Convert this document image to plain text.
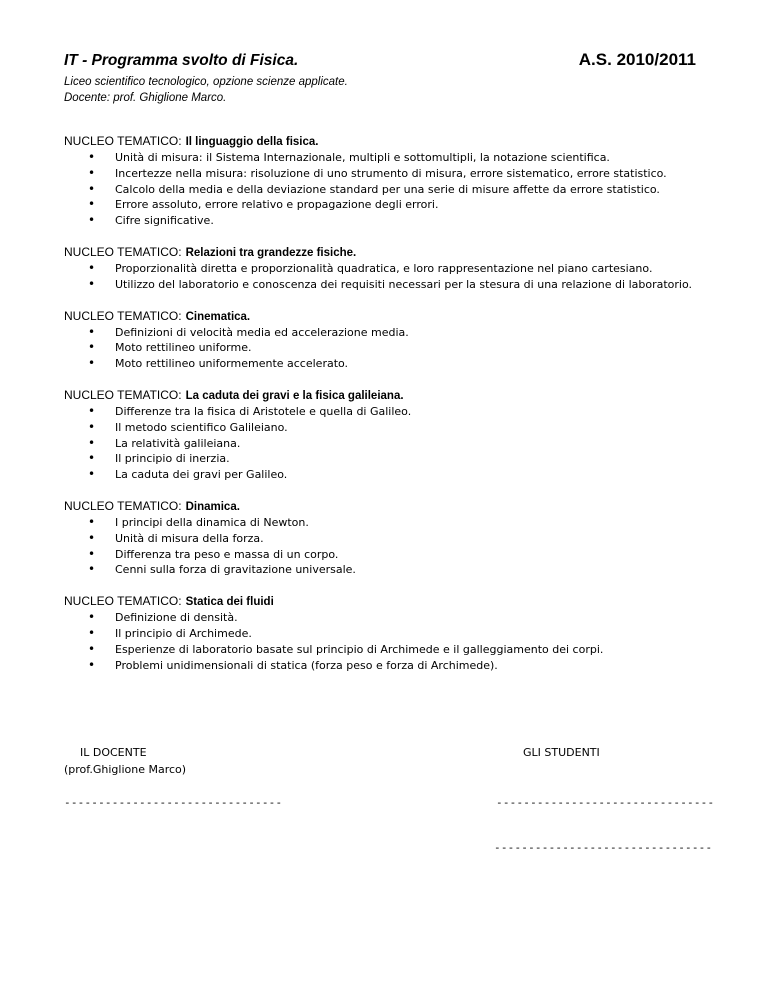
IT - Programma svolto di Fisica.	A.S. 2010/2011
Liceo scientifico tecnologico, opzione scienze applicate.
Docente: prof. Ghiglione Marco.
NUCLEO TEMATICO: Il linguaggio della fisica.
• Unità di misura: il Sistema Internazionale, multipli e sottomultipli, la notazione scientifica.
• Incertezze nella misura: risoluzione di uno strumento di misura, errore sistematico, errore statistico.
• Calcolo della media e della deviazione standard per una serie di misure affette da errore statistico.
• Errore assoluto, errore relativo e propagazione degli errori.
• Cifre significative.
NUCLEO TEMATICO: Relazioni tra grandezze fisiche.
• Proporzionalità diretta e proporzionalità quadratica, e loro rappresentazione nel piano cartesiano.
• Utilizzo del laboratorio e conoscenza dei requisiti necessari per la stesura di una relazione di laboratorio.
NUCLEO TEMATICO: Cinematica.
• Definizioni di velocità media ed accelerazione media.
• Moto rettilineo uniforme.
• Moto rettilineo uniformemente accelerato.
NUCLEO TEMATICO: La caduta dei gravi e la fisica galileiana.
• Differenze tra la fisica di Aristotele e quella di Galileo.
• Il metodo scientifico Galileiano.
• La relatività galileiana.
• Il principio di inerzia.
• La caduta dei gravi per Galileo.
NUCLEO TEMATICO: Dinamica.
• I principi della dinamica di Newton.
• Unità di misura della forza.
• Differenza tra peso e massa di un corpo.
• Cenni sulla forza di gravitazione universale.
NUCLEO TEMATICO: Statica dei fluidi
• Definizione di densità.
• Il principio di Archimede.
• Esperienze di laboratorio basate sul principio di Archimede e il galleggiamento dei corpi.
• Problemi unidimensionali di statica (forza peso e forza di Archimede).
IL DOCENTE
(prof.Ghiglione Marco)
GLI STUDENTI
--------------------------------	--------------------------------
--------------------------------
